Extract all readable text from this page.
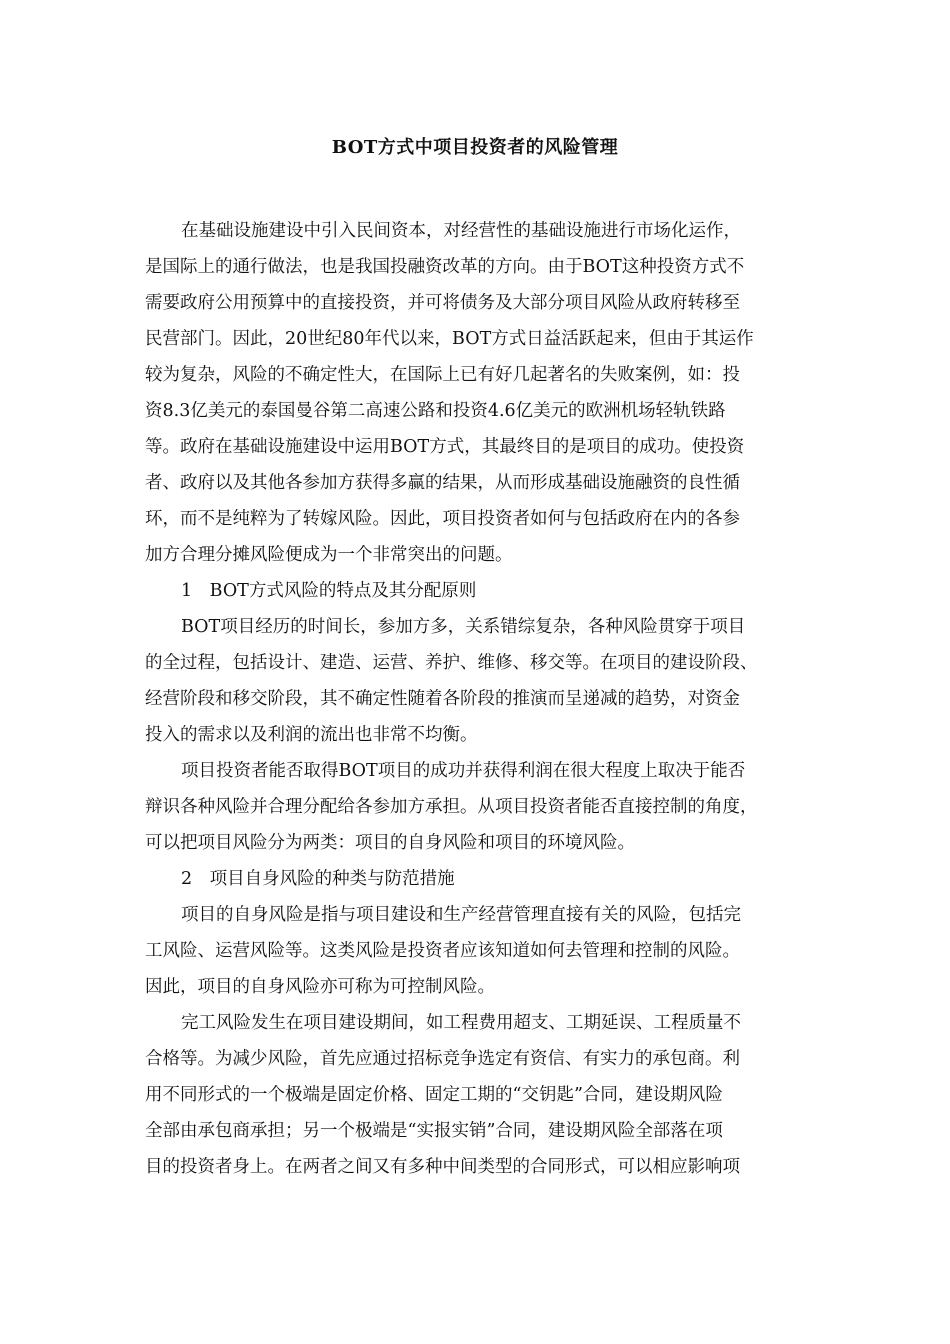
BOT方式中项目投资者的风险管理
在基础设施建设中引入民间资本，对经营性的基础设施进行市场化运作，
是国际上的通行做法，也是我国投融资改革的方向。由于BOT这种投资方式不
需要政府公用预算中的直接投资，并可将债务及大部分项目风险从政府转移至
民营部门。因此，20世纪80年代以来，BOT方式日益活跃起来，但由于其运作
较为复杂，风险的不确定性大，在国际上已有好几起著名的失败案例，如：投
资8.3亿美元的泰国曼谷第二高速公路和投资4.6亿美元的欧洲机场轻轨铁路
等。政府在基础设施建设中运用BOT方式，其最终目的是项目的成功。使投资
者、政府以及其他各参加方获得多赢的结果，从而形成基础设施融资的良性循
环，而不是纯粹为了转嫁风险。因此，项目投资者如何与包括政府在内的各参
加方合理分摊风险便成为一个非常突出的问题。
1　BOT方式风险的特点及其分配原则
BOT项目经历的时间长，参加方多，关系错综复杂，各种风险贯穿于项目
的全过程，包括设计、建造、运营、养护、维修、移交等。在项目的建设阶段、
经营阶段和移交阶段，其不确定性随着各阶段的推演而呈递减的趋势，对资金
投入的需求以及利润的流出也非常不均衡。
项目投资者能否取得BOT项目的成功并获得利润在很大程度上取决于能否
辩识各种风险并合理分配给各参加方承担。从项目投资者能否直接控制的角度，
可以把项目风险分为两类：项目的自身风险和项目的环境风险。
2　项目自身风险的种类与防范措施
项目的自身风险是指与项目建设和生产经营管理直接有关的风险，包括完
工风险、运营风险等。这类风险是投资者应该知道如何去管理和控制的风险。
因此，项目的自身风险亦可称为可控制风险。
完工风险发生在项目建设期间，如工程费用超支、工期延误、工程质量不
合格等。为减少风险，首先应通过招标竞争选定有资信、有实力的承包商。利
用不同形式的一个极端是固定价格、固定工期的“交钥匙”合同，建设期风险
全部由承包商承担；另一个极端是“实报实销”合同，建设期风险全部落在项
目的投资者身上。在两者之间又有多种中间类型的合同形式，可以相应影响项
